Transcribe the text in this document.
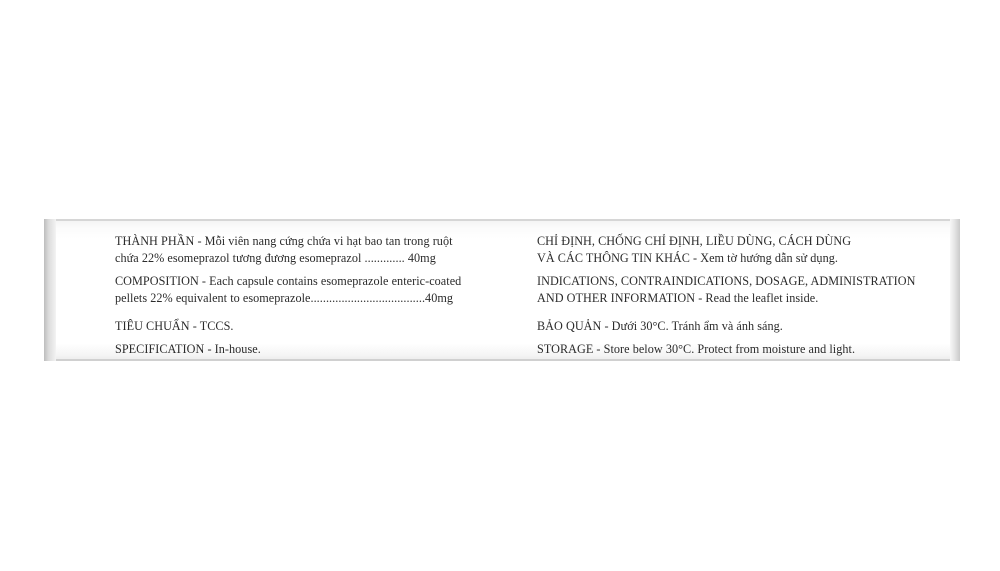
THÀNH PHẦN - Mỗi viên nang cứng chứa vi hạt bao tan trong ruột
chứa 22% esomeprazol tương đương esomeprazol ............. 40mg

COMPOSITION - Each capsule contains esomeprazole enteric-coated
pellets 22% equivalent to esomeprazole.....................................40mg

TIÊU CHUẨN - TCCS.

SPECIFICATION - In-house.

CHỈ ĐỊNH, CHỐNG CHỈ ĐỊNH, LIỀU DÙNG, CÁCH DÙNG
VÀ CÁC THÔNG TIN KHÁC - Xem tờ hướng dẫn sử dụng.

INDICATIONS, CONTRAINDICATIONS, DOSAGE, ADMINISTRATION
AND OTHER INFORMATION - Read the leaflet inside.

BẢO QUẢN - Dưới 30°C. Tránh ẩm và ánh sáng.

STORAGE - Store below 30°C. Protect from moisture and light.
